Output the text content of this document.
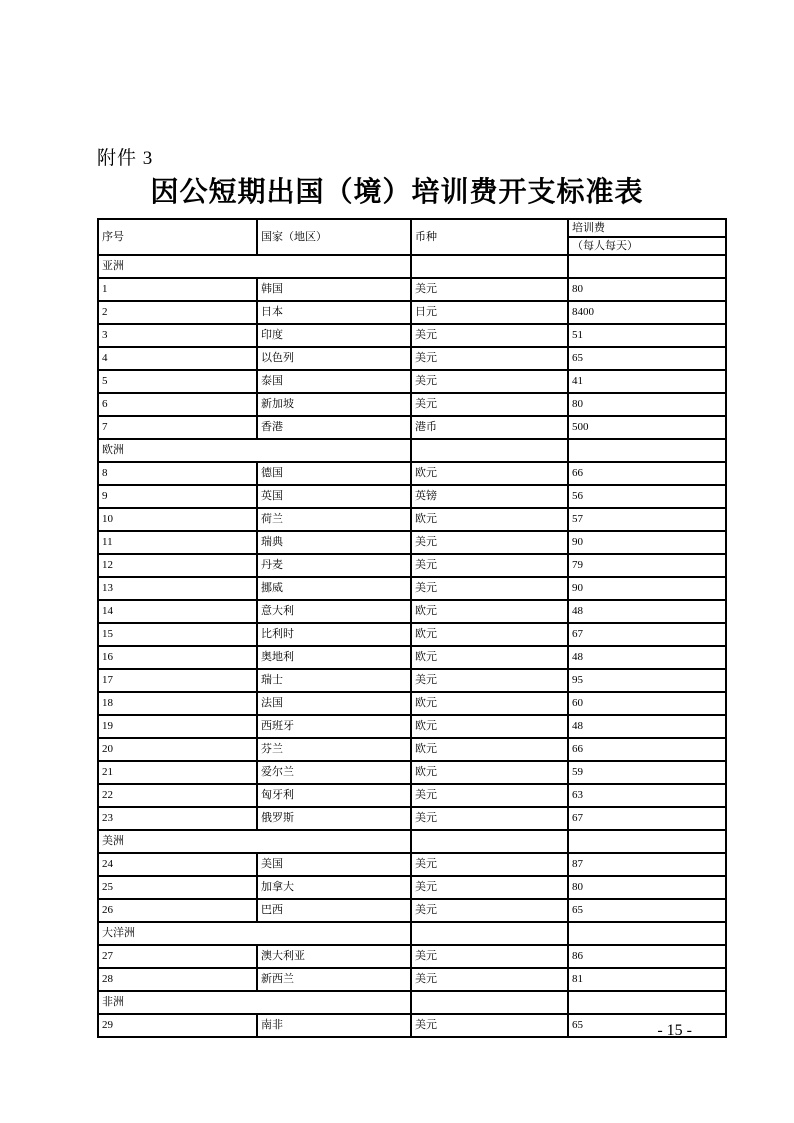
附件 3
因公短期出国（境）培训费开支标准表
序号	国家（地区）	币种	培训费
			（每人每天）
亚洲			
1	韩国	美元	80
2	日本	日元	8400
3	印度	美元	51
4	以色列	美元	65
5	泰国	美元	41
6	新加坡	美元	80
7	香港	港币	500
欧洲			
8	德国	欧元	66
9	英国	英镑	56
10	荷兰	欧元	57
11	瑞典	美元	90
12	丹麦	美元	79
13	挪威	美元	90
14	意大利	欧元	48
15	比利时	欧元	67
16	奥地利	欧元	48
17	瑞士	美元	95
18	法国	欧元	60
19	西班牙	欧元	48
20	芬兰	欧元	66
21	爱尔兰	欧元	59
22	匈牙利	美元	63
23	俄罗斯	美元	67
美洲			
24	美国	美元	87
25	加拿大	美元	80
26	巴西	美元	65
大洋洲			
27	澳大利亚	美元	86
28	新西兰	美元	81
非洲			
29	南非	美元	65	- 15 -
